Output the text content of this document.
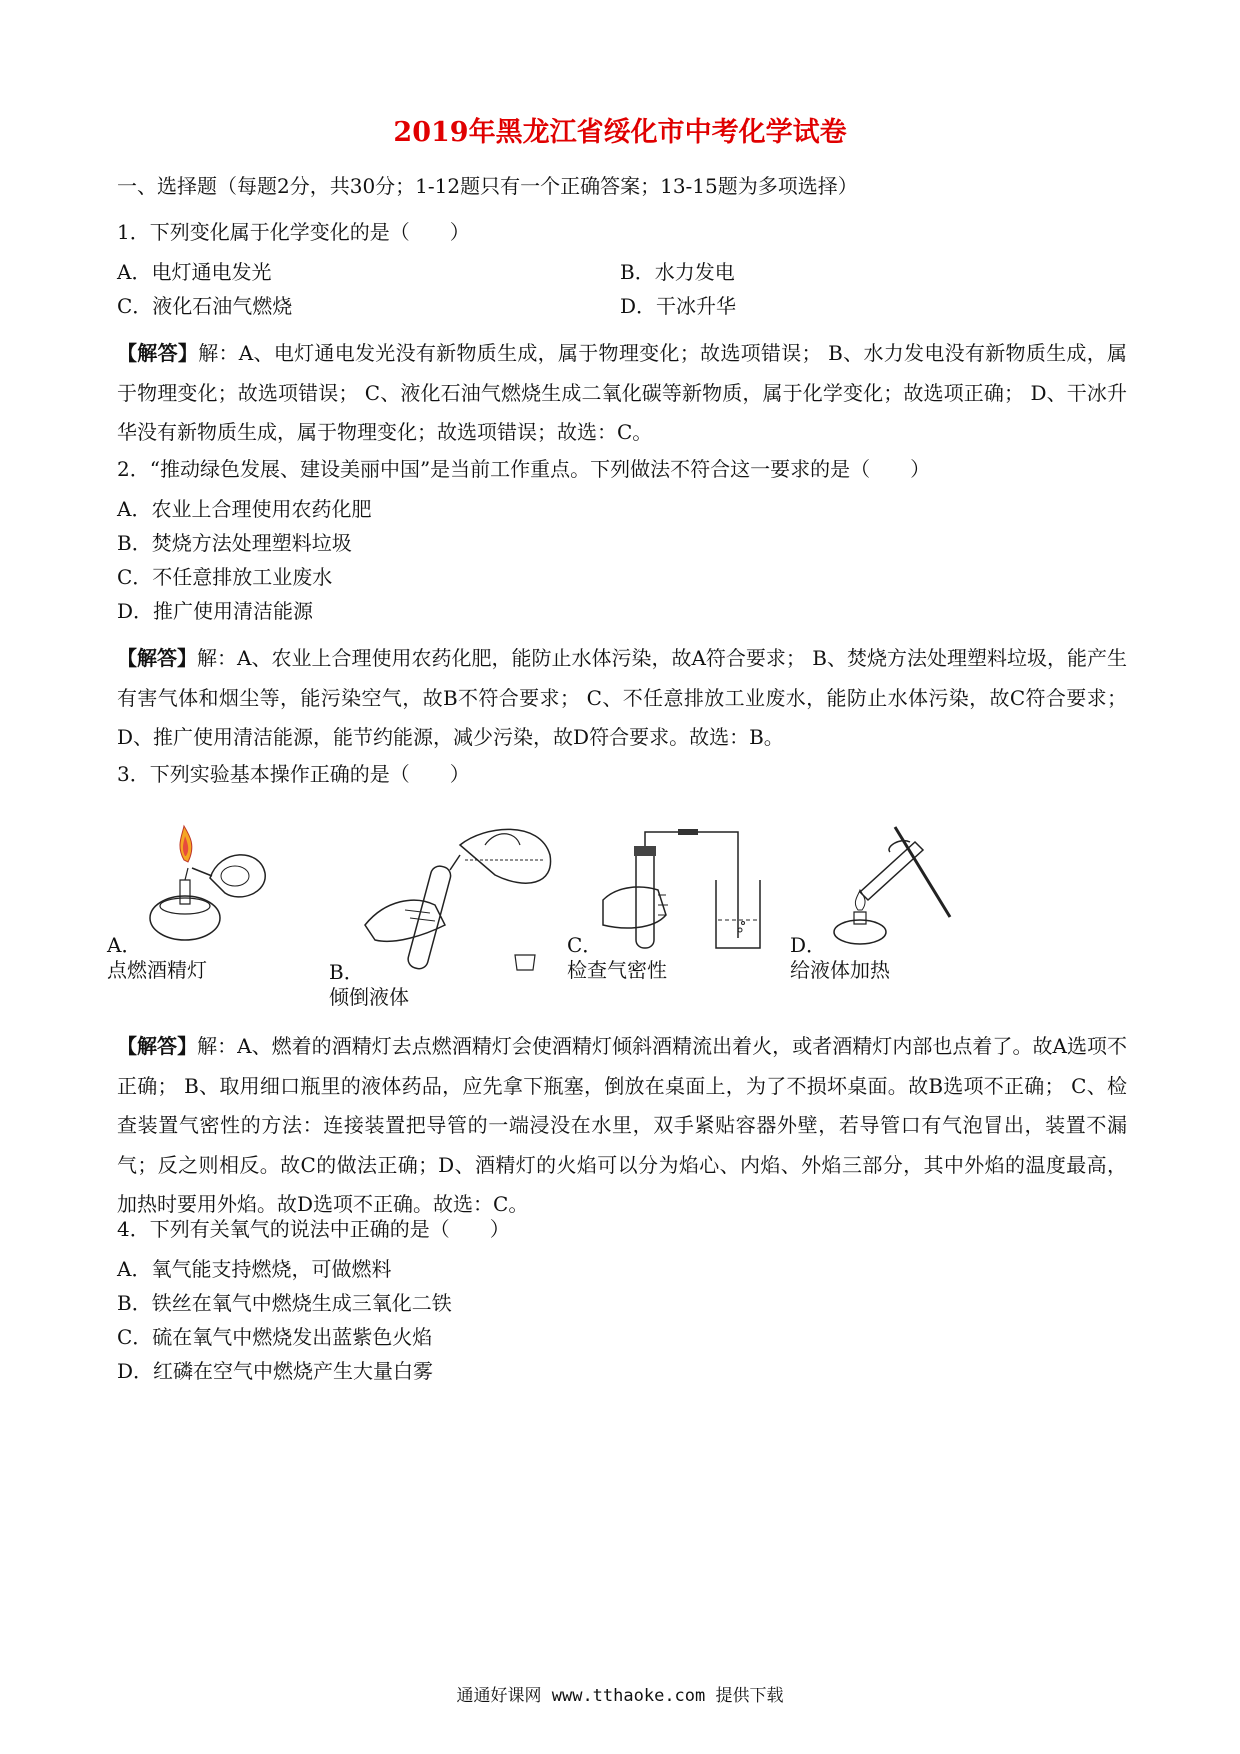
2019年黑龙江省绥化市中考化学试卷
一、选择题（每题2分，共30分；1-12题只有一个正确答案；13-15题为多项选择）
1．下列变化属于化学变化的是（　　）
A．电灯通电发光	B．水力发电
C．液化石油气燃烧	D．干冰升华
【解答】解：A、电灯通电发光没有新物质生成，属于物理变化；故选项错误； B、水力发电没有新物质生成，属于物理变化；故选项错误； C、液化石油气燃烧生成二氧化碳等新物质，属于化学变化；故选项正确； D、干冰升华没有新物质生成，属于物理变化；故选项错误；故选：C。
2．“推动绿色发展、建设美丽中国”是当前工作重点。下列做法不符合这一要求的是（　　）
A．农业上合理使用农药化肥
B．焚烧方法处理塑料垃圾
C．不任意排放工业废水
D．推广使用清洁能源
【解答】解：A、农业上合理使用农药化肥，能防止水体污染，故A符合要求； B、焚烧方法处理塑料垃圾，能产生有害气体和烟尘等，能污染空气，故B不符合要求； C、不任意排放工业废水，能防止水体污染，故C符合要求； D、推广使用清洁能源，能节约能源，减少污染，故D符合要求。故选：B。
3．下列实验基本操作正确的是（　　）
A．
点燃酒精灯	B．
倾倒液体
C．
检查气密性
D．
给液体加热
【解答】解：A、燃着的酒精灯去点燃酒精灯会使酒精灯倾斜酒精流出着火，或者酒精灯内部也点着了。故A选项不正确； B、取用细口瓶里的液体药品，应先拿下瓶塞，倒放在桌面上，为了不损坏桌面。故B选项不正确； C、检查装置气密性的方法：连接装置把导管的一端浸没在水里，双手紧贴容器外壁，若导管口有气泡冒出，装置不漏气；反之则相反。故C的做法正确；D、酒精灯的火焰可以分为焰心、内焰、外焰三部分，其中外焰的温度最高，加热时要用外焰。故D选项不正确。故选：C。
4．下列有关氧气的说法中正确的是（　　）
A．氧气能支持燃烧，可做燃料
B．铁丝在氧气中燃烧生成三氧化二铁
C．硫在氧气中燃烧发出蓝紫色火焰
D．红磷在空气中燃烧产生大量白雾
通通好课网 www.tthaoke.com 提供下载
